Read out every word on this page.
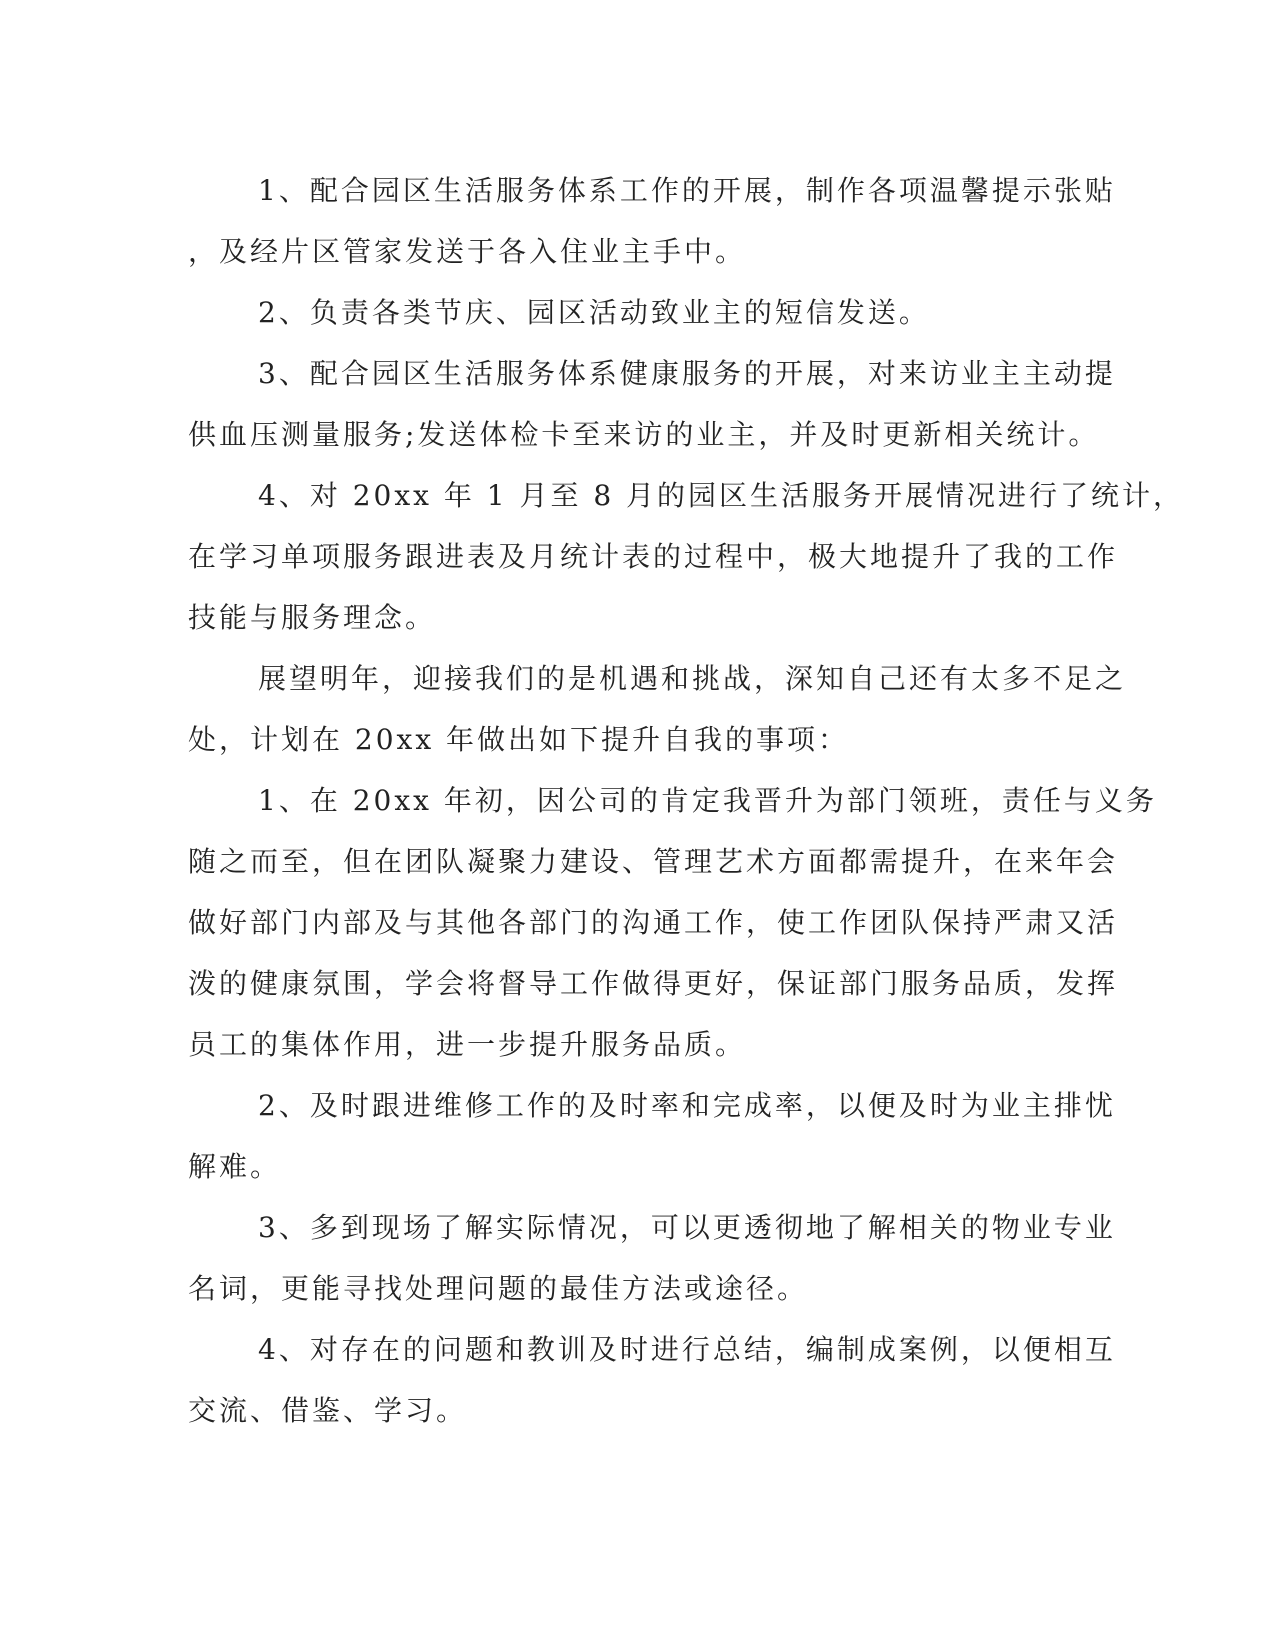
1、配合园区生活服务体系工作的开展，制作各项温馨提示张贴
，及经片区管家发送于各入住业主手中。

2、负责各类节庆、园区活动致业主的短信发送。

3、配合园区生活服务体系健康服务的开展，对来访业主主动提
供血压测量服务;发送体检卡至来访的业主，并及时更新相关统计。

4、对 20xx 年 1 月至 8 月的园区生活服务开展情况进行了统计，
在学习单项服务跟进表及月统计表的过程中，极大地提升了我的工作
技能与服务理念。

展望明年，迎接我们的是机遇和挑战，深知自己还有太多不足之
处，计划在 20xx 年做出如下提升自我的事项：

1、在 20xx 年初，因公司的肯定我晋升为部门领班，责任与义务
随之而至，但在团队凝聚力建设、管理艺术方面都需提升，在来年会
做好部门内部及与其他各部门的沟通工作，使工作团队保持严肃又活
泼的健康氛围，学会将督导工作做得更好，保证部门服务品质，发挥
员工的集体作用，进一步提升服务品质。

2、及时跟进维修工作的及时率和完成率，以便及时为业主排忧
解难。

3、多到现场了解实际情况，可以更透彻地了解相关的物业专业
名词，更能寻找处理问题的最佳方法或途径。

4、对存在的问题和教训及时进行总结，编制成案例，以便相互
交流、借鉴、学习。
